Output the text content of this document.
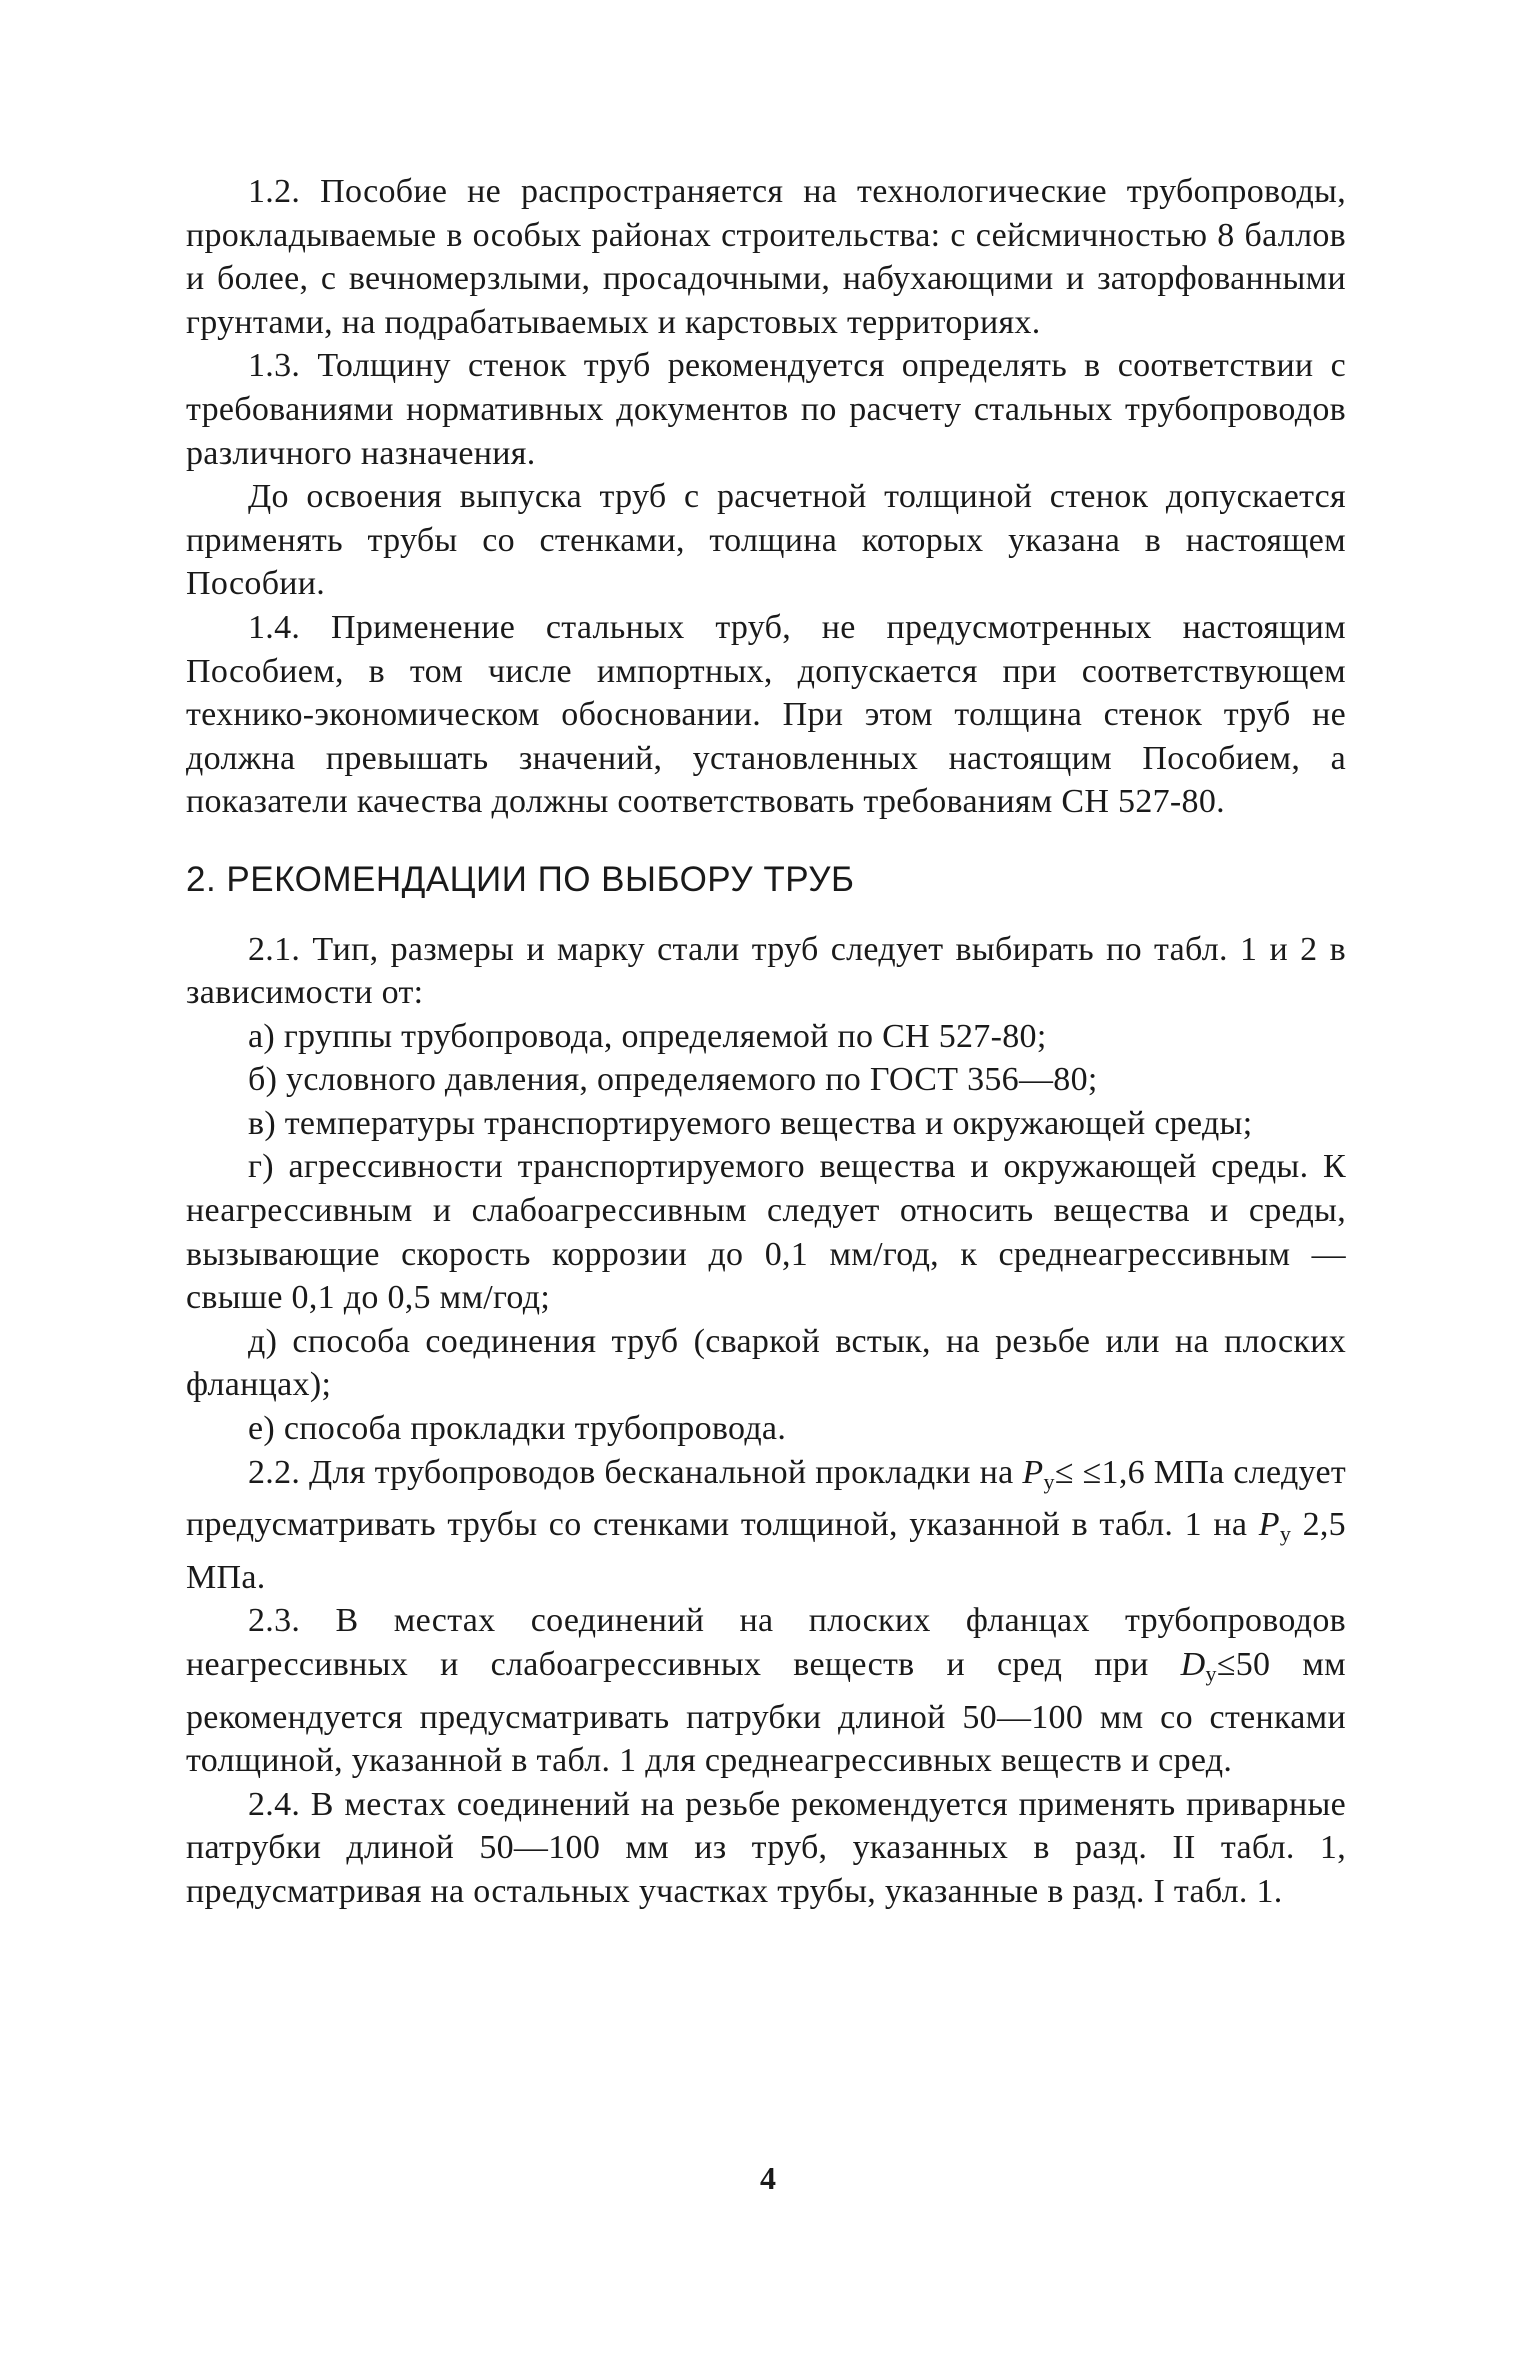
1.2. Пособие не распространяется на технологические трубопроводы, прокладываемые в особых районах строительства: с сейсмичностью 8 баллов и более, с вечномерзлыми, просадочными, набухающими и заторфованными грунтами, на подрабатываемых и карстовых территориях.

1.3. Толщину стенок труб рекомендуется определять в соответствии с требованиями нормативных документов по расчету стальных трубопроводов различного назначения.

До освоения выпуска труб с расчетной толщиной стенок допускается применять трубы со стенками, толщина которых указана в настоящем Пособии.

1.4. Применение стальных труб, не предусмотренных настоящим Пособием, в том числе импортных, допускается при соответствующем технико-экономическом обосновании. При этом толщина стенок труб не должна превышать значений, установленных настоящим Пособием, а показатели качества должны соответствовать требованиям СН 527-80.

2. РЕКОМЕНДАЦИИ ПО ВЫБОРУ ТРУБ

2.1. Тип, размеры и марку стали труб следует выбирать по табл. 1 и 2 в зависимости от:

а) группы трубопровода, определяемой по СН 527-80;

б) условного давления, определяемого по ГОСТ 356—80;

в) температуры транспортируемого вещества и окружающей среды;

г) агрессивности транспортируемого вещества и окружающей среды. К неагрессивным и слабоагрессивным следует относить вещества и среды, вызывающие скорость коррозии до 0,1 мм/год, к среднеагрессивным — свыше 0,1 до 0,5 мм/год;

д) способа соединения труб (сваркой встык, на резьбе или на плоских фланцах);

е) способа прокладки трубопровода.

2.2. Для трубопроводов бесканальной прокладки на $P_у\le \le 1,6$ МПа следует предусматривать трубы со стенками толщиной, указанной в табл. 1 на $P_у$ 2,5 МПа.

2.3. В местах соединений на плоских фланцах трубопроводов неагрессивных и слабоагрессивных веществ и сред при $D_у\le 50$ мм рекомендуется предусматривать патрубки длиной 50—100 мм со стенками толщиной, указанной в табл. 1 для среднеагрессивных веществ и сред.

2.4. В местах соединений на резьбе рекомендуется применять приварные патрубки длиной 50—100 мм из труб, указанных в разд. II табл. 1, предусматривая на остальных участках трубы, указанные в разд. I табл. 1.

4
